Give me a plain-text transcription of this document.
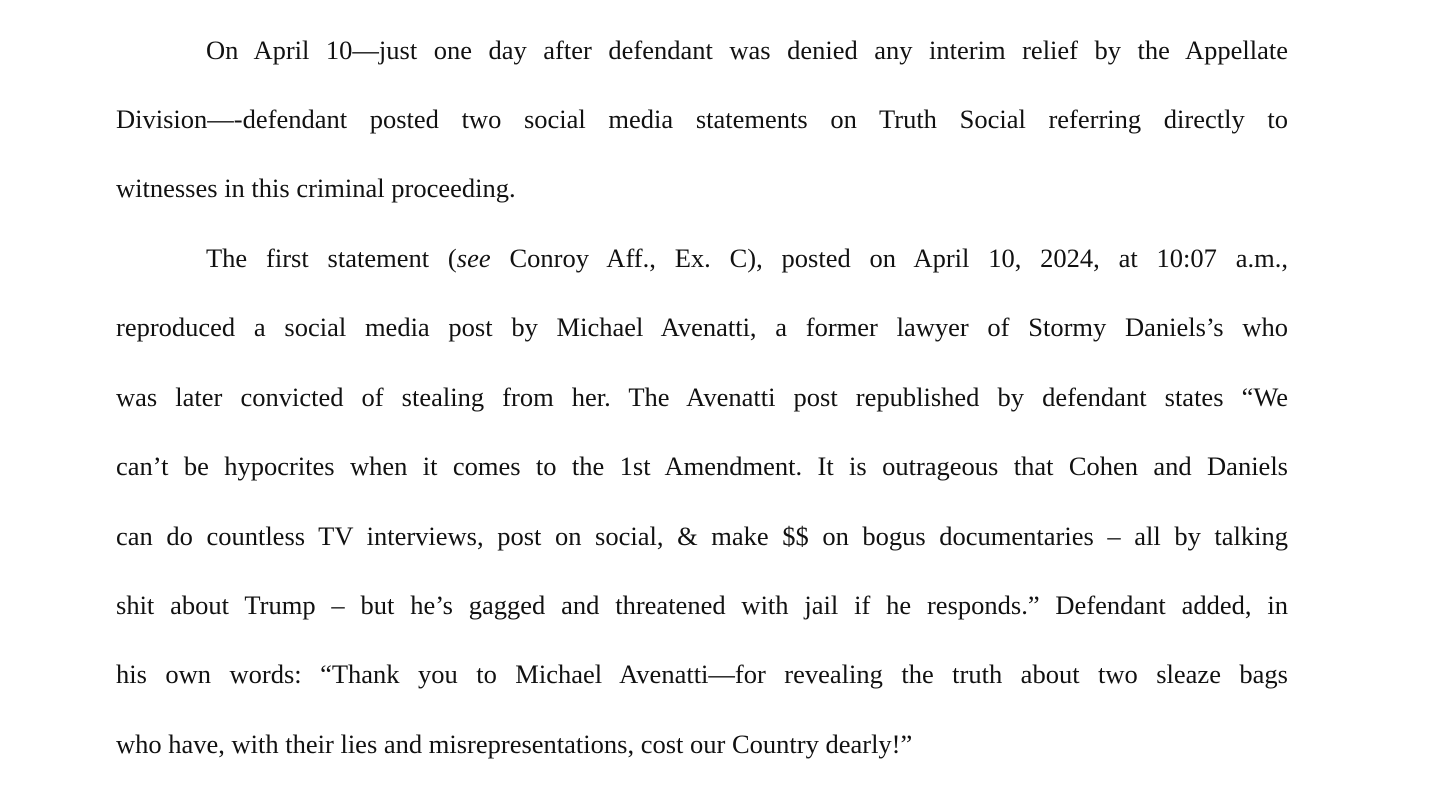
On April 10—just one day after defendant was denied any interim relief by the Appellate
Division—-defendant posted two social media statements on Truth Social referring directly to
witnesses in this criminal proceeding.
The first statement (see Conroy Aff., Ex. C), posted on April 10, 2024, at 10:07 a.m.,
reproduced a social media post by Michael Avenatti, a former lawyer of Stormy Daniels’s who
was later convicted of stealing from her. The Avenatti post republished by defendant states “We
can’t be hypocrites when it comes to the 1st Amendment. It is outrageous that Cohen and Daniels
can do countless TV interviews, post on social, & make $$ on bogus documentaries – all by talking
shit about Trump – but he’s gagged and threatened with jail if he responds.” Defendant added, in
his own words: “Thank you to Michael Avenatti—for revealing the truth about two sleaze bags
who have, with their lies and misrepresentations, cost our Country dearly!”
